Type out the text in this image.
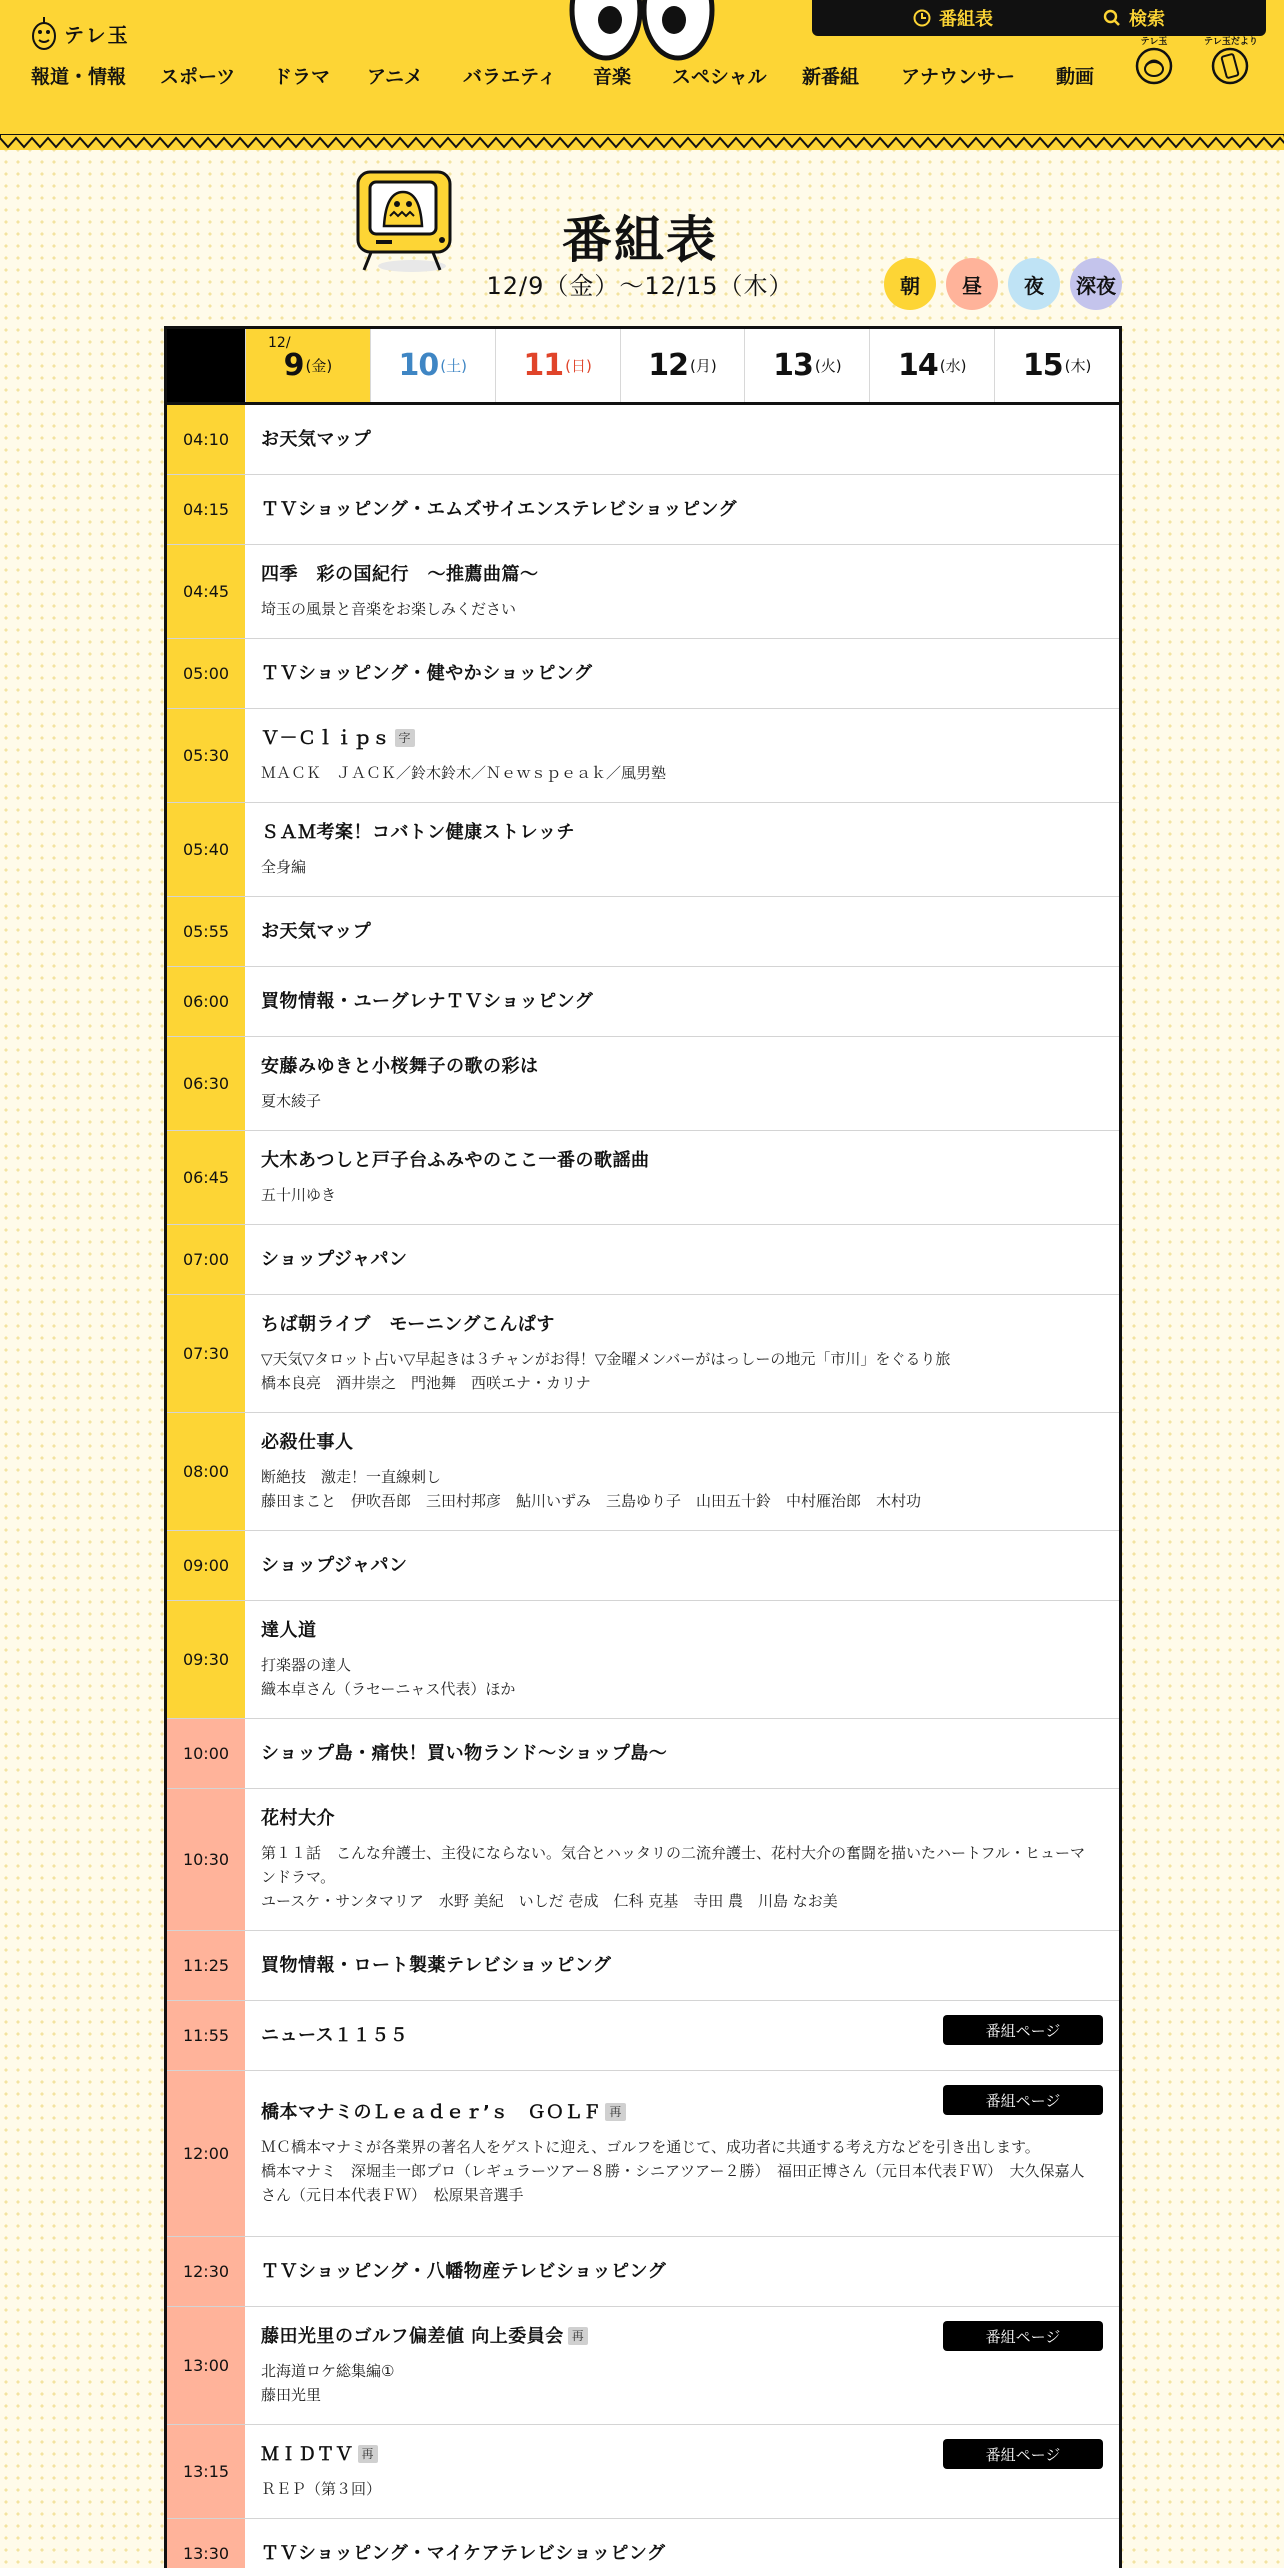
テレ玉
番組表	検索
報道・情報 スポーツ ドラマ アニメ バラエティ 音楽 スペシャル 新番組 アナウンサー 動画
テレ玉	テレ玉だより
番組表
12/9（金）〜12/15（木）	朝	昼	夜	深夜
12/
9 (金) 10 (土) 11 (日) 12 (月) 13 (火) 14 (水) 15 (木)
04:10	お天気マップ
04:15	ＴＶショッピング・エムズサイエンステレビショッピング
04:45
四季　彩の国紀行　～推薦曲篇～
埼玉の風景と音楽をお楽しみください
05:00	ＴＶショッピング・健やかショッピング
05:30
Ｖ－Ｃｌｉｐｓ 字
ＭＡＣＫ　ＪＡＣＫ／鈴木鈴木／Ｎｅｗｓｐｅａｋ／風男塾
05:40
ＳＡＭ考案！コバトン健康ストレッチ
全身編
05:55	お天気マップ
06:00	買物情報・ユーグレナＴＶショッピング
06:30
安藤みゆきと小桜舞子の歌の彩は
夏木綾子
06:45
大木あつしと戸子台ふみやのここ一番の歌謡曲
五十川ゆき
07:00	ショップジャパン
07:30
ちば朝ライブ　モーニングこんぱす
▽天気▽タロット占い▽早起きは３チャンがお得！▽金曜メンバーがはっしーの地元「市川」をぐるり旅
橋本良亮　酒井崇之　門池舞　西咲エナ・カリナ
08:00
必殺仕事人
断絶技　激走！一直線刺し
藤田まこと　伊吹吾郎　三田村邦彦　鮎川いずみ　三島ゆり子　山田五十鈴　中村雁治郎　木村功
09:00	ショップジャパン
09:30
達人道
打楽器の達人
織本卓さん（ラセーニャス代表）ほか
10:00	ショップ島・痛快！買い物ランド～ショップ島～
10:30
花村大介
第１１話　こんな弁護士、主役にならない。気合とハッタリの二流弁護士、花村大介の奮闘を描いたハートフル・ヒューマンドラマ。
ユースケ・サンタマリア　水野 美紀　いしだ 壱成　仁科 克基　寺田 農　川島 なお美
11:25	買物情報・ロート製薬テレビショッピング
11:55	ニュース１１５５	番組ページ
12:00
橋本マナミのＬｅａｄｅｒ’ｓ　ＧＯＬＦ 再
ＭＣ橋本マナミが各業界の著名人をゲストに迎え、ゴルフを通じて、成功者に共通する考え方などを引き出します。
橋本マナミ　深堀圭一郎プロ（レギュラーツアー８勝・シニアツアー２勝）　福田正博さん（元日本代表ＦＷ）　大久保嘉人さん（元日本代表ＦＷ）　松原果音選手
番組ページ
12:30	ＴＶショッピング・八幡物産テレビショッピング
13:00
藤田光里のゴルフ偏差値 向上委員会 再
北海道ロケ総集編①
藤田光里
番組ページ
13:15
ＭＩＤＴＶ 再
ＲＥＰ（第３回）
番組ページ
13:30	ＴＶショッピング・マイケアテレビショッピング
